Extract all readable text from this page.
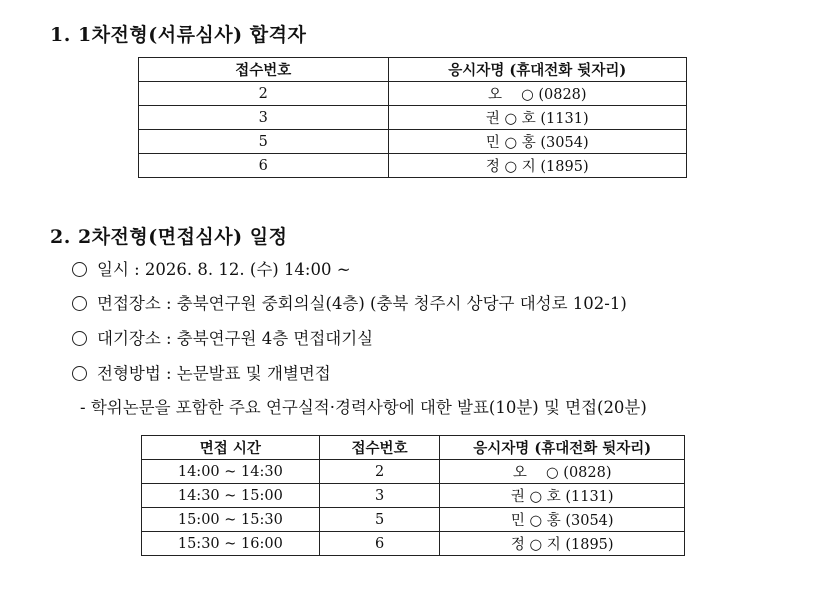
1. 1차전형(서류심사) 합격자
접수번호	응시자명 (휴대전화 뒷자리)
2	오　 ○ (0828)
3	권 ○ 호 (1131)
5	민 ○ 홍 (3054)
6	정 ○ 지 (1895)
2. 2차전형(면접심사) 일정
일시 : 2026. 8. 12. (수) 14:00 ~
면접장소 : 충북연구원 중회의실(4층) (충북 청주시 상당구 대성로 102-1)
대기장소 : 충북연구원 4층 면접대기실
전형방법 : 논문발표 및 개별면접
- 학위논문을 포함한 주요 연구실적·경력사항에 대한 발표(10분) 및 면접(20분)
면접 시간	접수번호	응시자명 (휴대전화 뒷자리)
14:00 ~ 14:30	2	오　 ○ (0828)
14:30 ~ 15:00	3	권 ○ 호 (1131)
15:00 ~ 15:30	5	민 ○ 홍 (3054)
15:30 ~ 16:00	6	정 ○ 지 (1895)
